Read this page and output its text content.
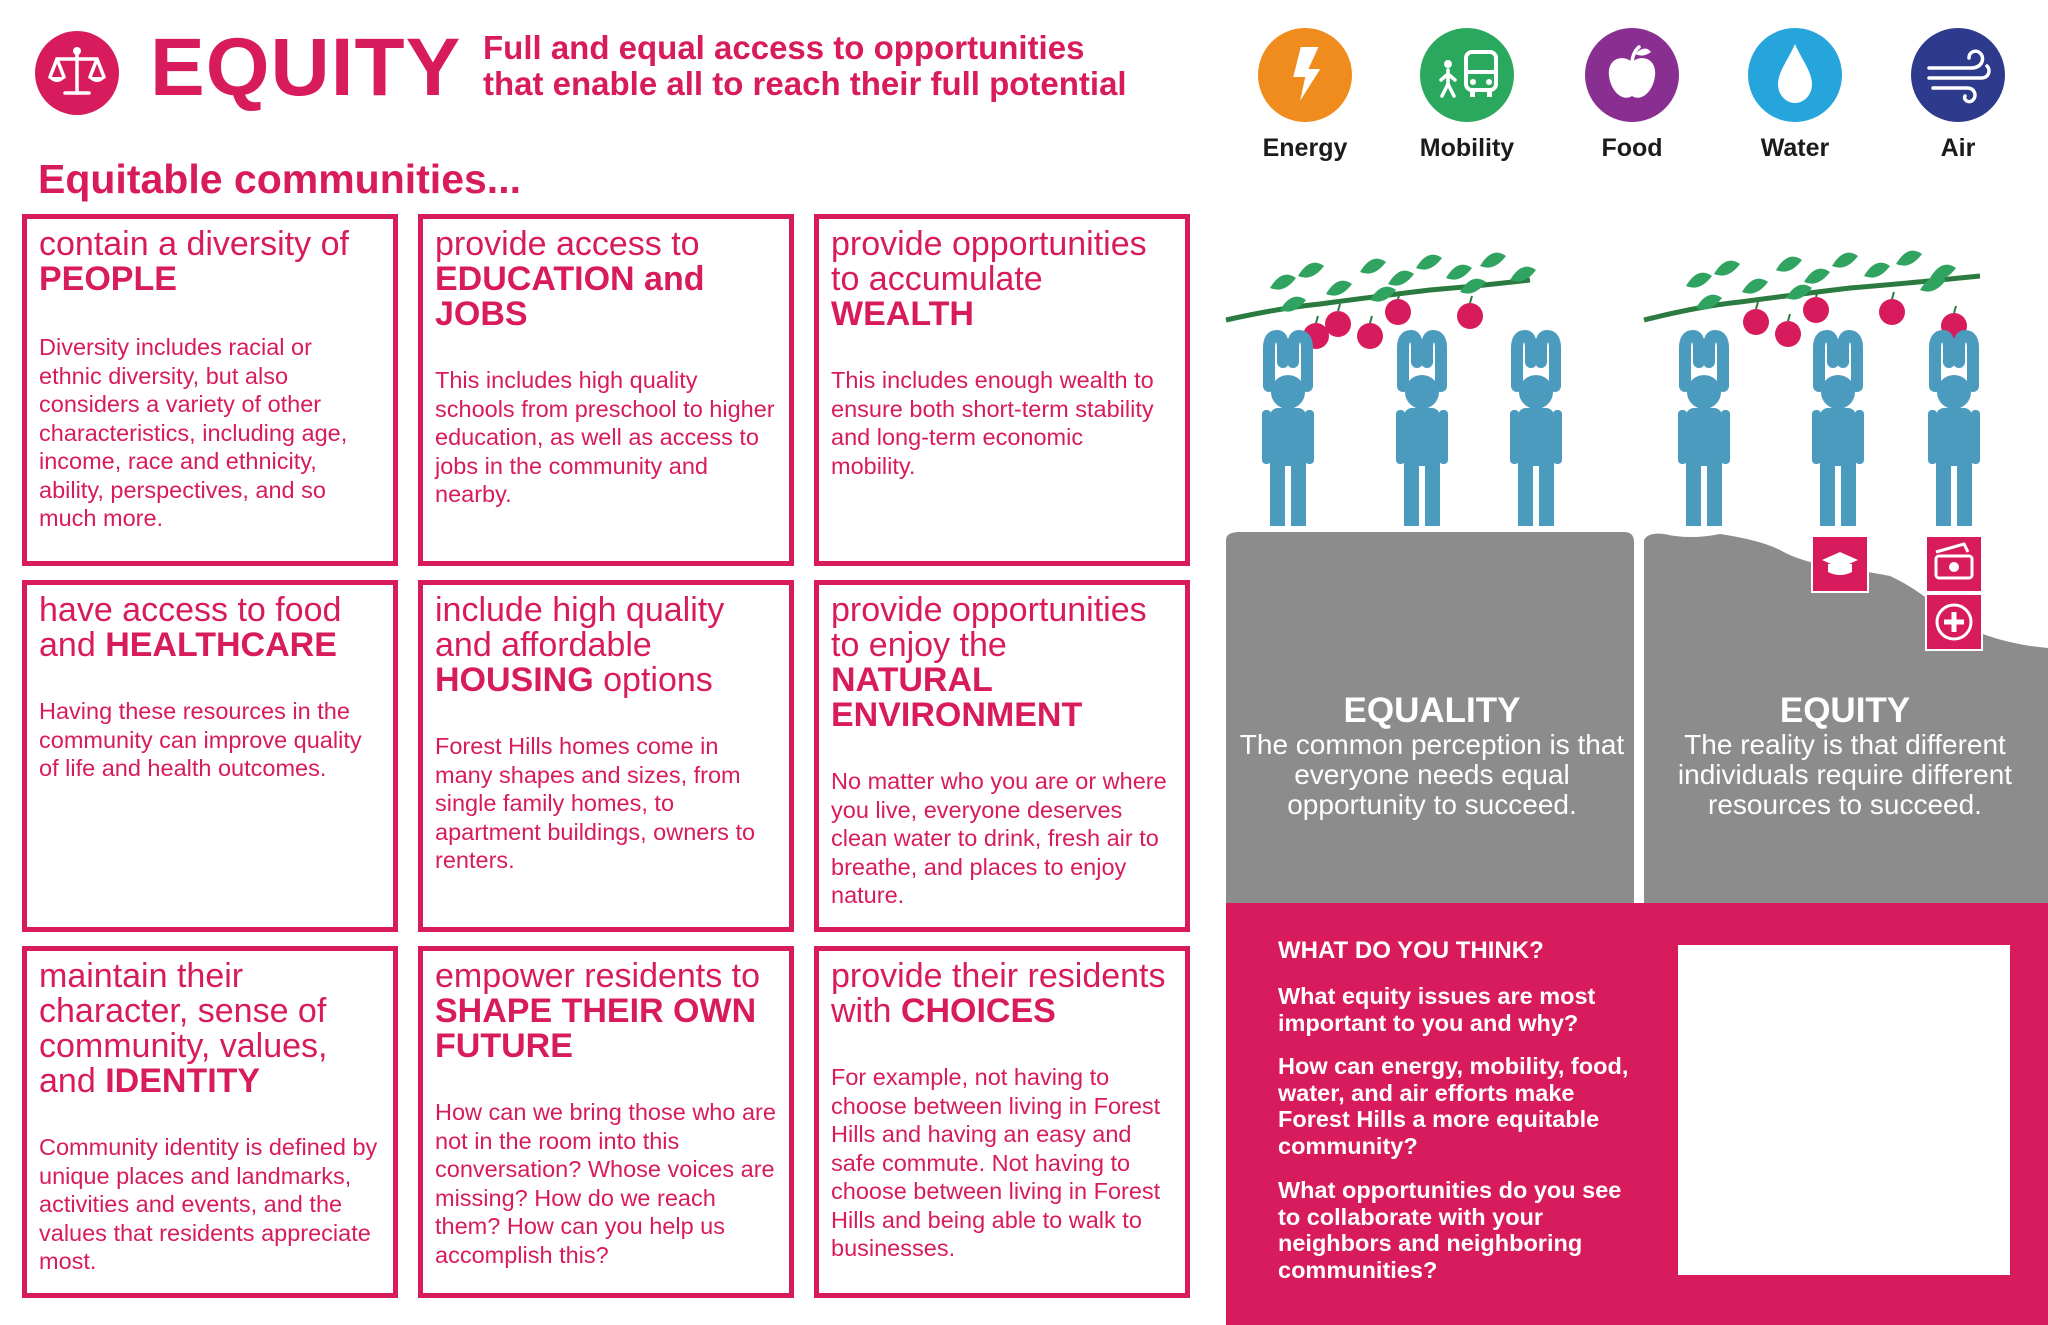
EQUITY Full and equal access to opportunities
that enable all to reach their full potential
Equitable communities...
Energy	Mobility	Food	Water	Air
contain a diversity of PEOPLE
Diversity includes racial or ethnic diversity, but also considers a variety of other characteristics, including age, income, race and ethnicity, ability, perspectives, and so much more.
provide access to EDUCATION and JOBS
This includes high quality schools from preschool to higher education, as well as access to jobs in the community and nearby.
provide opportunities to accumulate WEALTH
This includes enough wealth to ensure both short-term stability and long-term economic mobility.
have access to food and HEALTHCARE
Having these resources in the community can improve quality of life and health outcomes.
include high quality and affordable HOUSING options
Forest Hills homes come in many shapes and sizes, from single family homes, to apartment buildings, owners to renters.
provide opportunities to enjoy the NATURAL ENVIRONMENT
No matter who you are or where you live, everyone deserves clean water to drink, fresh air to breathe, and places to enjoy nature.
maintain their character, sense of community, values, and IDENTITY
Community identity is defined by unique places and landmarks, activities and events, and the values that residents appreciate most.
empower residents to SHAPE THEIR OWN FUTURE
How can we bring those who are not in the room into this conversation? Whose voices are missing? How do we reach them? How can you help us accomplish this?
provide their residents with CHOICES
For example, not having to choose between living in Forest Hills and having an easy and safe commute. Not having to choose between living in Forest Hills and being able to walk to businesses.
EQUALITY
The common perception is that everyone needs equal opportunity to succeed.
EQUITY
The reality is that different individuals require different resources to succeed.
WHAT DO YOU THINK?
What equity issues are most important to you and why?
How can energy, mobility, food, water, and air efforts make Forest Hills a more equitable community?
What opportunities do you see to collaborate with your neighbors and neighboring communities?
